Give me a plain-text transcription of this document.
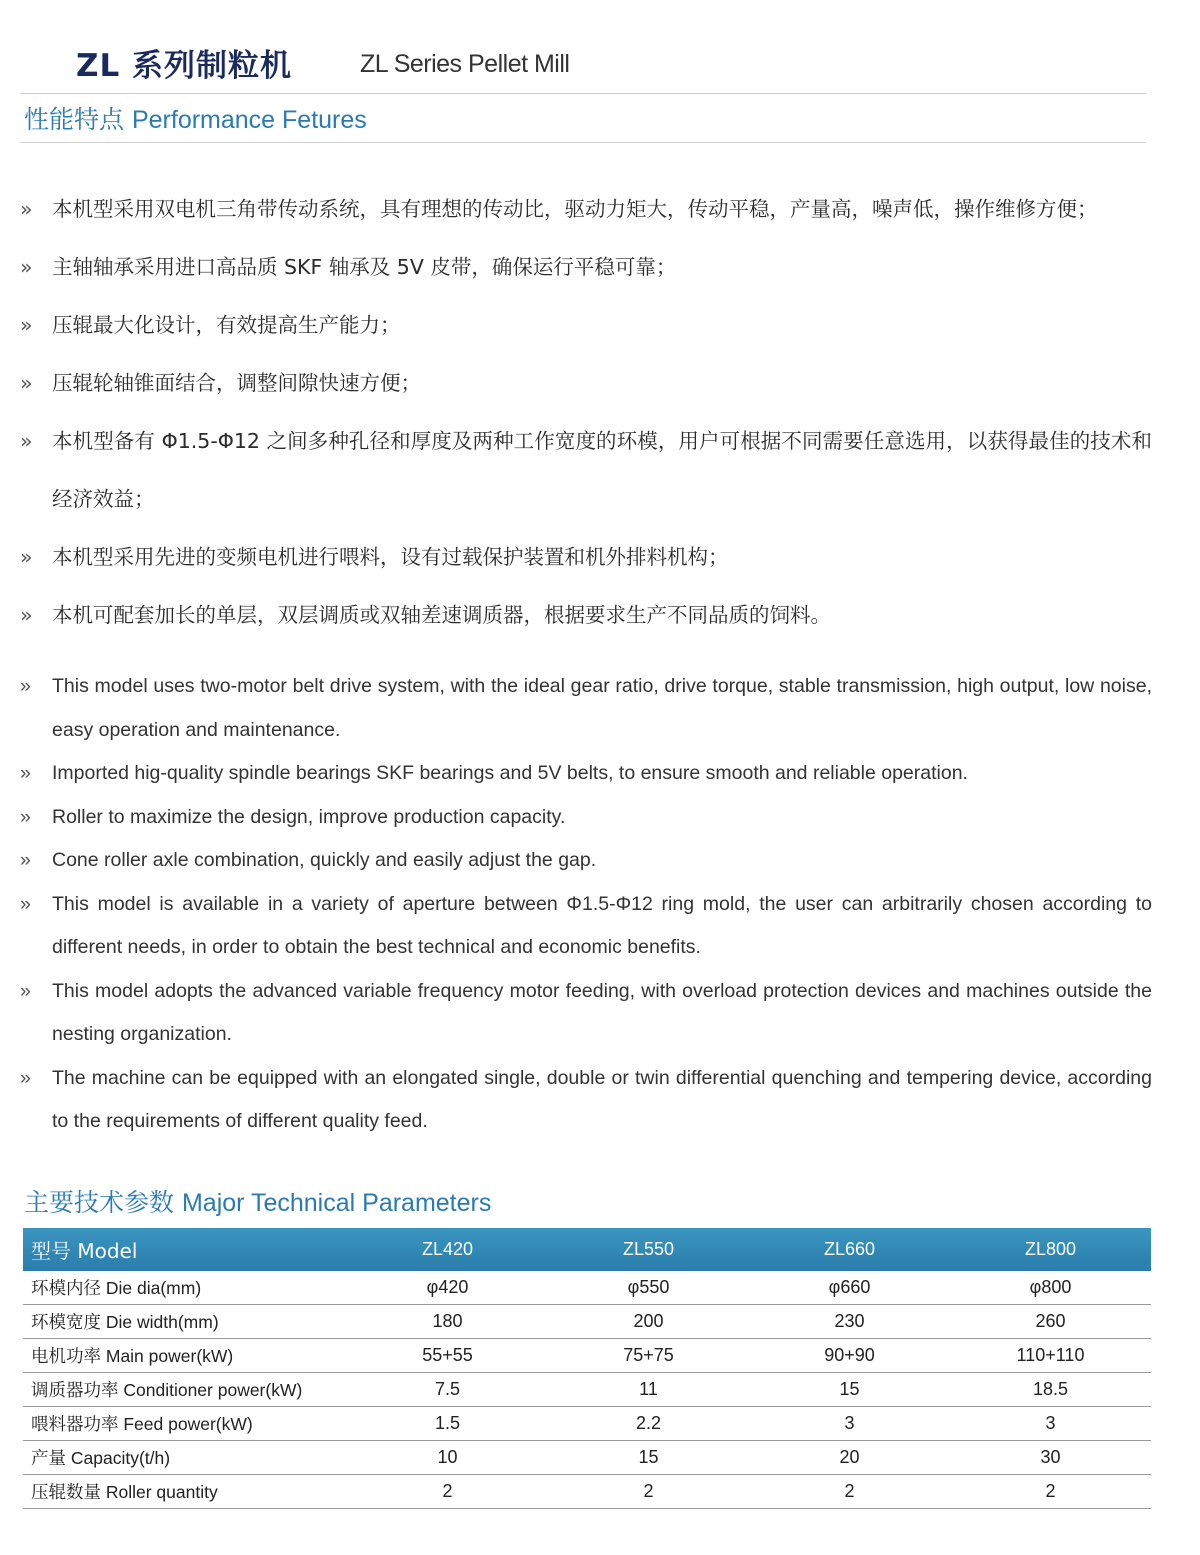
ZL 系列制粒机	ZL Series Pellet Mill
性能特点 Performance Fetures
» 本机型采用双电机三角带传动系统，具有理想的传动比，驱动力矩大，传动平稳，产量高，噪声低，操作维修方便；
» 主轴轴承采用进口高品质 SKF 轴承及 5V 皮带，确保运行平稳可靠；
» 压辊最大化设计，有效提高生产能力；
» 压辊轮轴锥面结合，调整间隙快速方便；
» 本机型备有 Φ1.5-Φ12 之间多种孔径和厚度及两种工作宽度的环模，用户可根据不同需要任意选用，以获得最佳的技术和经济效益；
» 本机型采用先进的变频电机进行喂料，设有过载保护装置和机外排料机构；
» 本机可配套加长的单层，双层调质或双轴差速调质器，根据要求生产不同品质的饲料。
» This model uses two-motor belt drive system, with the ideal gear ratio, drive torque, stable transmission, high output, low noise, easy operation and maintenance.
» Imported hig-quality spindle bearings SKF bearings and 5V belts, to ensure smooth and reliable operation.
» Roller to maximize the design, improve production capacity.
» Cone roller axle combination, quickly and easily adjust the gap.
» This model is available in a variety of aperture between Φ1.5-Φ12 ring mold, the user can arbitrarily chosen according to different needs, in order to obtain the best technical and economic benefits.
» This model adopts the advanced variable frequency motor feeding, with overload protection devices and machines outside the nesting organization.
» The machine can be equipped with an elongated single, double or twin differential quenching and tempering device, according to the requirements of different quality feed.
主要技术参数 Major Technical Parameters
型号 Model	ZL420	ZL550	ZL660	ZL800
环模内径 Die dia(mm)	φ420	φ550	φ660	φ800
环模宽度 Die width(mm)	180	200	230	260
电机功率 Main power(kW)	55+55	75+75	90+90	110+110
调质器功率 Conditioner power(kW)	7.5	11	15	18.5
喂料器功率 Feed power(kW)	1.5	2.2	3	3
产量 Capacity(t/h)	10	15	20	30
压辊数量 Roller quantity	2	2	2	2
